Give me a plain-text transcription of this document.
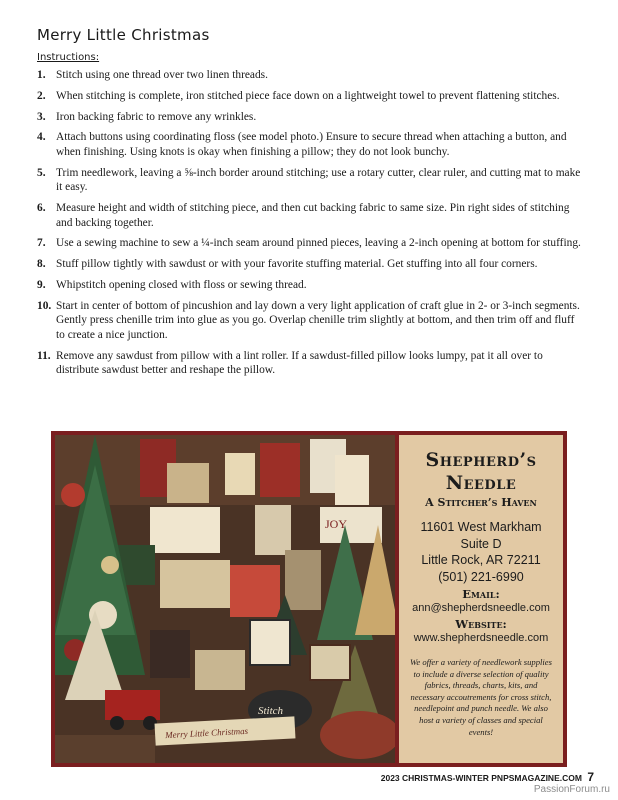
Merry Little Christmas
Instructions:
1. Stitch using one thread over two linen threads.
2. When stitching is complete, iron stitched piece face down on a lightweight towel to prevent flattening stitches.
3. Iron backing fabric to remove any wrinkles.
4. Attach buttons using coordinating floss (see model photo.) Ensure to secure thread when attaching a button, and when finishing. Using knots is okay when finishing a pillow; they do not look bunchy.
5. Trim needlework, leaving a ⅝-inch border around stitching; use a rotary cutter, clear ruler, and cutting mat to make it easy.
6. Measure height and width of stitching piece, and then cut backing fabric to same size. Pin right sides of stitching and backing together.
7. Use a sewing machine to sew a ¼-inch seam around pinned pieces, leaving a 2-inch opening at bottom for stuffing.
8. Stuff pillow tightly with sawdust or with your favorite stuffing material. Get stuffing into all four corners.
9. Whipstitch opening closed with floss or sewing thread.
10. Start in center of bottom of pincushion and lay down a very light application of craft glue in 2- or 3-inch segments. Gently press chenille trim into glue as you go. Overlap chenille trim slightly at bottom, and then trim off and fluff to create a nice junction.
11. Remove any sawdust from pillow with a lint roller. If a sawdust-filled pillow looks lumpy, pat it all over to distribute sawdust better and reshape the pillow.
JOY
Stitch
Merry Little Christmas
Shepherd’s
Needle
A Stitcher’s Haven
11601 West Markham
Suite D
Little Rock, AR 72211
(501) 221-6990
Email:
ann@shepherdsneedle.com
Website:
www.shepherdsneedle.com
We offer a variety of needlework supplies to include a diverse selection of quality fabrics, threads, charts, kits, and necessary accoutrements for cross stitch, needlepoint and punch needle. We also host a variety of classes and special events!
2023 CHRISTMAS-WINTER PNPSMAGAZINE.COM 7
PassionForum.ru
